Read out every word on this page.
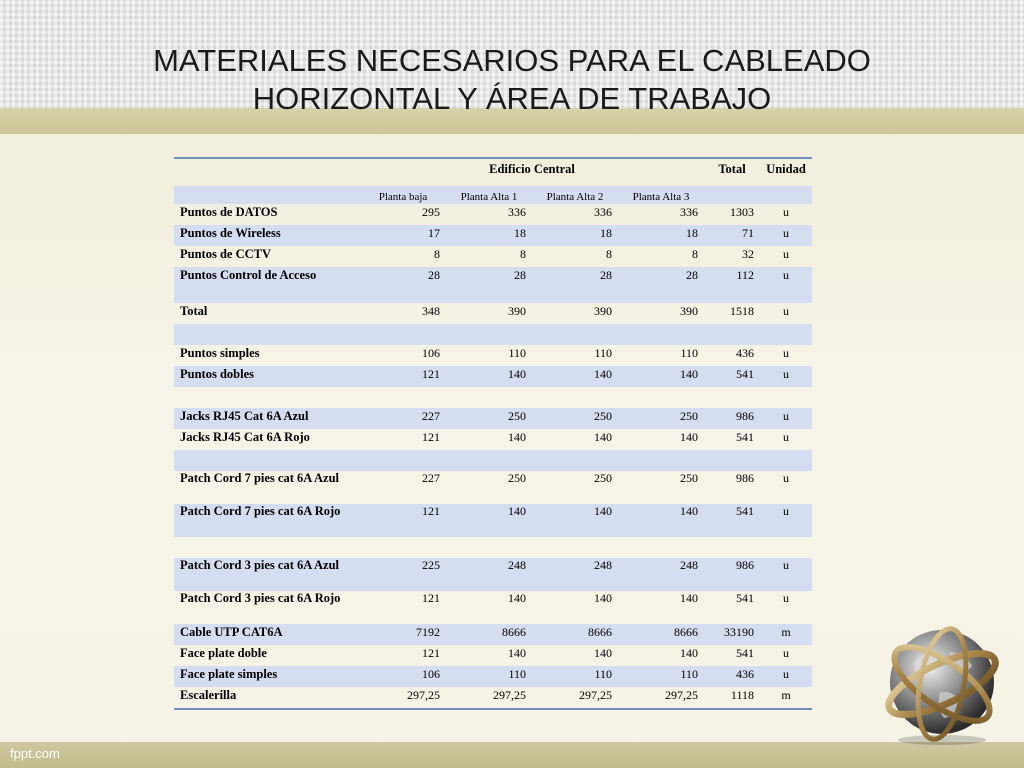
fppt.com
MATERIALES NECESARIOS PARA EL CABLEADO
HORIZONTAL Y ÁREA DE TRABAJO
	Edificio Central				Total	Unidad
	Planta baja	Planta Alta 1	Planta Alta 2	Planta Alta 3		
Puntos de DATOS	295	336	336	336	1303	u
Puntos de Wireless	17	18	18	18	71	u
Puntos de CCTV	8	8	8	8	32	u
Puntos Control de Acceso	28	28	28	28	112	u
Total	348	390	390	390	1518	u

Puntos simples	106	110	110	110	436	u
Puntos dobles	121	140	140	140	541	u

Jacks RJ45 Cat 6A Azul	227	250	250	250	986	u
Jacks RJ45 Cat 6A Rojo	121	140	140	140	541	u

Patch Cord 7 pies cat 6A Azul	227	250	250	250	986	u
Patch Cord 7 pies cat 6A Rojo	121	140	140	140	541	u

Patch Cord 3 pies cat 6A Azul	225	248	248	248	986	u
Patch Cord 3 pies cat 6A Rojo	121	140	140	140	541	u
Cable UTP CAT6A	7192	8666	8666	8666	33190	m
Face plate doble	121	140	140	140	541	u
Face plate simples	106	110	110	110	436	u
Escalerilla	297,25	297,25	297,25	297,25	1118	m
